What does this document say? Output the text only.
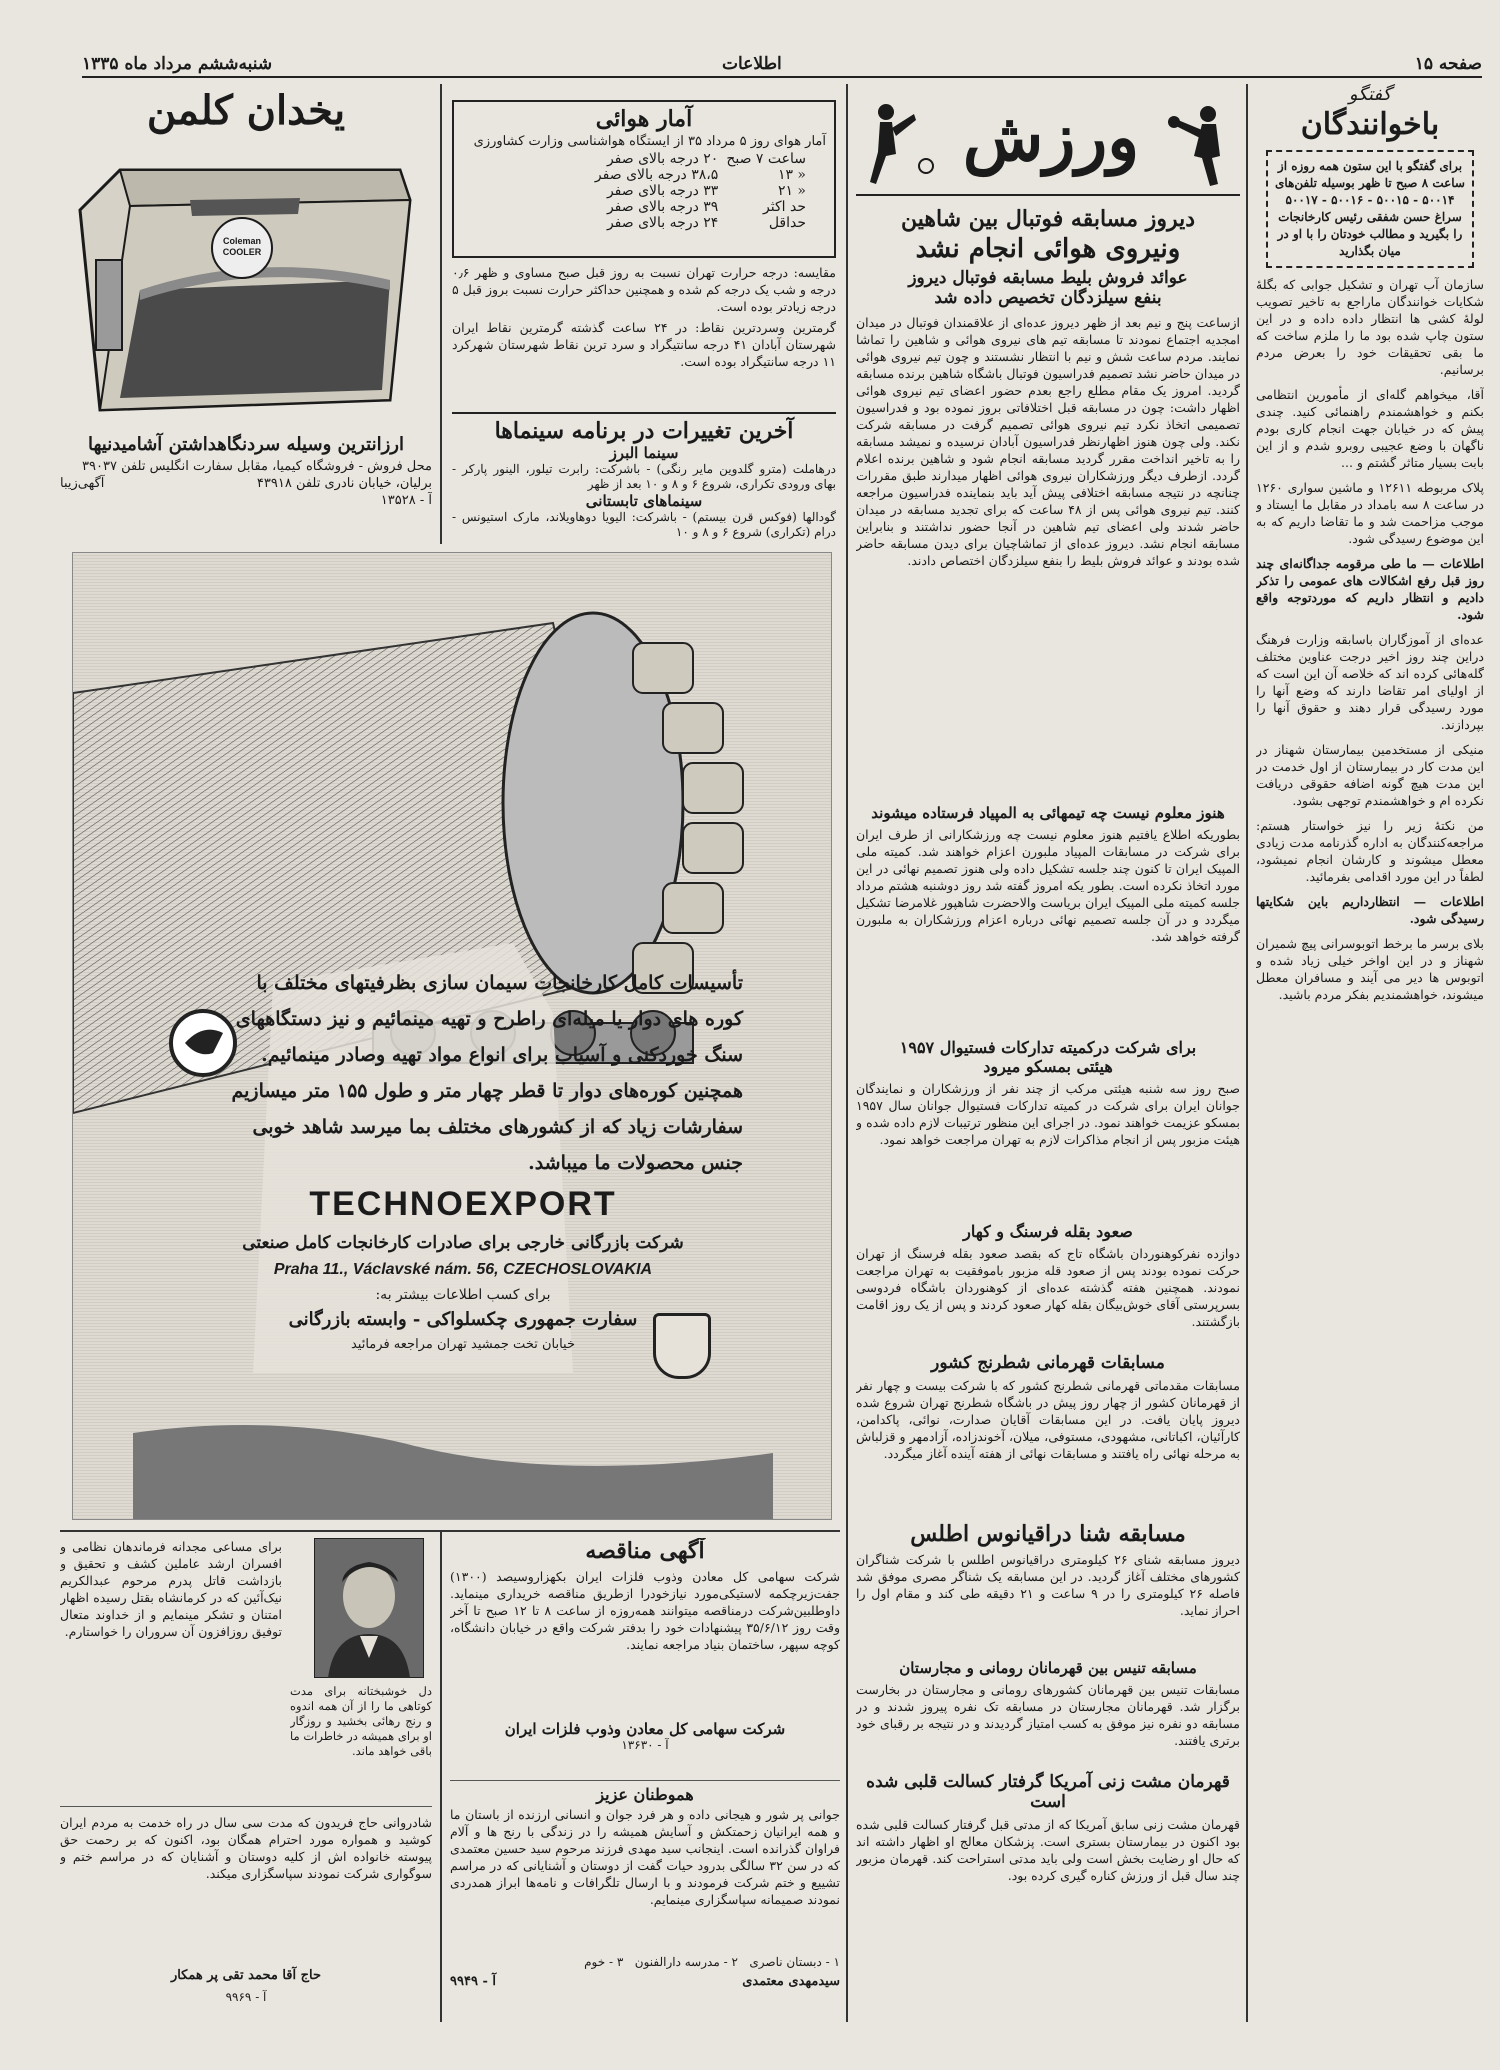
صفحه ۱۵
اطلاعات
شنبه‌ششم مرداد ماه ۱۳۳۵
گفتگو
باخوانندگان
برای گفتگو با این ستون همه روزه از ساعت ۸ صبح تا ظهر بوسیله تلفن‌های ۵۰۰۱۴ - ۵۰۰۱۵ - ۵۰۰۱۶ - ۵۰۰۱۷ سراغ حسن شفقی رئیس کارخانجات را بگیرید و مطالب خودتان را با او در میان بگذارید

سازمان آب تهران و تشکیل جوابی که بگلهٔ شکایات خوانندگان ماراجع به تاخیر تصویب لولهٔ کشی ها انتظار داده داده و در این ستون چاپ شده بود ما را ملزم ساخت که ما بقی تحقیقات خود را بعرض مردم برسانیم.

آقا، میخواهم گله‌ای از مأمورین انتظامی بکنم و خواهشمندم راهنمائی کنید. چندی پیش که در خیابان جهت انجام کاری بودم ناگهان با وضع عجیبی روبرو شدم و از این بابت بسیار متاثر گشتم و ...

پلاک مربوطه ۱۲۶۱۱ و ماشین سواری ۱۲۶۰ در ساعت ۸ سه بامداد در مقابل ما ایستاد و موجب مزاحمت شد و ما تقاضا داریم که به این موضوع رسیدگی شود.

اطلاعات — ما طی مرقومه جداگانه‌ای چند روز قبل رفع اشکالات های عمومی را تذکر دادیم و انتظار داریم که موردتوجه واقع شود.

عده‌ای از آموزگاران باسابقه وزارت فرهنگ دراین چند روز اخیر درجت عناوین مختلف گله‌هائی کرده اند که خلاصه آن این است که از اولیای امر تقاضا دارند که وضع آنها را مورد رسیدگی قرار دهند و حقوق آنها را بپردازند.

منیکی از مستخدمین بیمارستان شهناز در این مدت کار در بیمارستان از اول خدمت در این مدت هیچ گونه اضافه حقوقی دریافت نکرده ام و خواهشمندم توجهی بشود.

من نکتۀ زیر را نیز خواستار هستم: مراجعه‌کنندگان به اداره گذرنامه مدت زیادی معطل میشوند و کارشان انجام نمیشود، لطفاً در این مورد اقدامی بفرمائید.

اطلاعات — انتظارداریم باین شکایتها رسیدگی شود.

بلای برسر ما برخط اتوبوسرانی پیچ شمیران شهناز و در این اواخر خیلی زیاد شده و اتوبوس ها دیر می آیند و مسافران معطل میشوند، خواهشمندیم بفکر مردم باشید.

ورزش
دیروز مسابقه فوتبال بین شاهین
ونیروی هوائی انجام نشد
عوائد فروش بلیط مسابقه فوتبال دیروز
بنفع سیلزدگان تخصیص داده شد

ازساعت پنج و نیم بعد از ظهر دیروز عده‌ای از علاقمندان فوتبال در میدان امجدیه اجتماع نمودند تا مسابقه تیم های نیروی هوائی و شاهین را تماشا نمایند. مردم ساعت شش و نیم با انتظار نشستند و چون تیم نیروی هوائی در میدان حاضر نشد تصمیم فدراسیون فوتبال باشگاه شاهین برنده مسابقه گردید. امروز یک مقام مطلع راجع بعدم حضور اعضای تیم نیروی هوائی اظهار داشت: چون در مسابقه قبل اختلافاتی بروز نموده بود و فدراسیون تصمیمی اتخاذ نکرد تیم نیروی هوائی تصمیم گرفت در مسابقه شرکت نکند. ولی چون هنوز اظهارنظر فدراسیون آبادان نرسیده و نمیشد مسابقه را به تاخیر انداخت مقرر گردید مسابقه انجام شود و شاهین برنده اعلام گردد. ازطرف دیگر ورزشکاران نیروی هوائی اظهار میدارند طبق مقررات چنانچه در نتیجه مسابقه اختلافی پیش آید باید بنماینده فدراسیون مراجعه کنند. تیم نیروی هوائی پس از ۴۸ ساعت که برای تجدید مسابقه در میدان حاضر شدند ولی اعضای تیم شاهین در آنجا حضور نداشتند و بنابراین مسابقه انجام نشد. دیروز عده‌ای از تماشاچیان برای دیدن مسابقه حاضر شده بودند و عوائد فروش بلیط را بنفع سیلزدگان اختصاص دادند.

هنوز معلوم نیست چه تیمهائی به المپیاد فرستاده میشوند

بطوریکه اطلاع یافتیم هنوز معلوم نیست چه ورزشکارانی از طرف ایران برای شرکت در مسابقات المپیاد ملبورن اعزام خواهند شد. کمیته ملی المپیک ایران تا کنون چند جلسه تشکیل داده ولی هنوز تصمیم نهائی در این مورد اتخاذ نکرده است. بطور یکه امروز گفته شد روز دوشنبه هشتم مرداد جلسه کمیته ملی المپیک ایران بریاست والاحضرت شاهپور غلامرضا تشکیل میگردد و در آن جلسه تصمیم نهائی درباره اعزام ورزشکاران به ملبورن گرفته خواهد شد.

برای شرکت درکمیته تدارکات فستیوال ۱۹۵۷
هیئتی بمسکو میرود

صبح روز سه شنبه هیئتی مرکب از چند نفر از ورزشکاران و نمایندگان جوانان ایران برای شرکت در کمیته تدارکات فستیوال جوانان سال ۱۹۵۷ بمسکو عزیمت خواهند نمود. در اجرای این منظور ترتیبات لازم داده شده و هیئت مزبور پس از انجام مذاکرات لازم به تهران مراجعت خواهد نمود.

صعود بقله فرسنگ و کهار

دوازده نفرکوهنوردان باشگاه تاج که بقصد صعود بقله فرسنگ از تهران حرکت نموده بودند پس از صعود قله مزبور باموفقیت به تهران مراجعت نمودند. همچنین هفته گذشته عده‌ای از کوهنوردان باشگاه فردوسی بسرپرستی آقای خوش‌بیگان بقله کهار صعود کردند و پس از یک روز اقامت بازگشتند.

مسابقات قهرمانی شطرنج کشور

مسابقات مقدماتی قهرمانی شطرنج کشور که با شرکت بیست و چهار نفر از قهرمانان کشور از چهار روز پیش در باشگاه شطرنج تهران شروع شده دیروز پایان یافت. در این مسابقات آقایان صدارت، نوائی، پاکدامن، کارآئیان، اکباتانی، مشهودی، مستوفی، میلان، آخوندزاده، آزادمهر و قزلباش به مرحله نهائی راه یافتند و مسابقات نهائی از هفته آینده آغاز میگردد.

مسابقه شنا دراقیانوس اطلس

دیروز مسابقه شنای ۲۶ کیلومتری دراقیانوس اطلس با شرکت شناگران کشورهای مختلف آغاز گردید. در این مسابقه یک شناگر مصری موفق شد فاصله ۲۶ کیلومتری را در ۹ ساعت و ۲۱ دقیقه طی کند و مقام اول را احراز نماید.

مسابقه تنیس بین قهرمانان رومانی و مجارستان

مسابقات تنیس بین قهرمانان کشورهای رومانی و مجارستان در بخارست برگزار شد. قهرمانان مجارستان در مسابقه تک نفره پیروز شدند و در مسابقه دو نفره نیز موفق به کسب امتیاز گردیدند و در نتیجه بر رقبای خود برتری یافتند.

قهرمان مشت زنی آمریکا گرفتار کسالت قلبی شده است

قهرمان مشت زنی سابق آمریکا که از مدتی قبل گرفتار کسالت قلبی شده بود اکنون در بیمارستان بستری است. پزشکان معالج او اظهار داشته اند که حال او رضایت بخش است ولی باید مدتی استراحت کند. قهرمان مزبور چند سال قبل از ورزش کناره گیری کرده بود.

آمار هوائی
آمار هوای روز ۵ مرداد ۳۵ از ایستگاه هواشناسی وزارت کشاورزی
ساعت ۷ صبح	۲۰ درجه بالای صفر
« ۱۳	۳۸،۵ درجه بالای صفر
« ۲۱	۳۳ درجه بالای صفر
حد اکثر	۳۹ درجه بالای صفر
حداقل	۲۴ درجه بالای صفر

مقایسه: درجه حرارت تهران نسبت به روز قبل صبح مساوی و ظهر ۰٫۶ درجه و شب یک درجه کم شده و همچنین حداکثر حرارت نسبت بروز قبل ۵ درجه زیادتر بوده است.

گرمترین وسردترین نقاط: در ۲۴ ساعت گذشته گرمترین نقاط ایران شهرستان آبادان ۴۱ درجه سانتیگراد و سرد ترین نقاط شهرستان شهرکرد ۱۱ درجه سانتیگراد بوده است.

آخرین تغییرات در برنامه سینماها
سینما البرز

درهاملت (مترو گلدوین مایر رنگی) - باشرکت: رابرت تیلور، الینور پارکر - بهای ورودی تکراری، شروع ۶ و ۸ و ۱۰ بعد از ظهر

سینماهای تابستانی

گودالها (فوکس قرن بیستم) - باشرکت: الیویا دوهاویلاند، مارک استیونس - درام (تکراری) شروع ۶ و ۸ و ۱۰

یخدان کلمن
Coleman COOLER
ارزانترین وسیله سردنگاهداشتن آشامیدنیها
محل فروش - فروشگاه کیمیا، مقابل سفارت انگلیس تلفن ۳۹۰۳۷
برلیان، خیابان نادری تلفن ۴۳۹۱۸
آگهی‌زیبا
آ - ۱۳۵۲۸
تأسیسات کامل کارخانجات سیمان سازی بظرفیتهای مختلف با کوره های دوار یا میله‌ای راطرح و تهیه مینمائیم و نیز دستگاههای سنگ خوردکنی و آسیاب برای انواع مواد تهیه وصادر مینمائیم. همچنین کوره‌های دوار تا قطر چهار متر و طول ۱۵۵ متر میسازیم سفارشات زیاد که از کشورهای مختلف بما میرسد شاهد خوبی جنس محصولات ما میباشد.
TECHNOEXPORT
شرکت بازرگانی خارجی برای صادرات کارخانجات کامل صنعتی
Praha 11., Václavské nám. 56, CZECHOSLOVAKIA
برای کسب اطلاعات بیشتر به:
سفارت جمهوری چکسلواکی - وابسته بازرگانی
خیابان تخت جمشید تهران مراجعه فرمائید
آگهی مناقصه

شرکت سهامی کل معادن وذوب فلزات ایران بکهزاروسیصد (۱۳۰۰) جفت‌زیرچکمه لاستیکی‌مورد نیازخودرا ازطریق مناقصه خریداری مینماید. داوطلبین‌شرکت درمناقصه میتوانند همه‌روزه از ساعت ۸ تا ۱۲ صبح تا آخر وقت روز ۳۵/۶/۱۲ پیشنهادات خود را بدفتر شرکت واقع در خیابان دانشگاه، کوچه سپهر، ساختمان بنیاد مراجعه نمایند.

شرکت سهامی کل معادن وذوب فلزات ایران
آ - ۱۳۶۳۰
هموطنان عزیز

جوانی پر شور و هیجانی داده و هر فرد جوان و انسانی ارزنده از باستان ما و همه ایرانیان زحمتکش و آسایش همیشه را در زندگی با رنج ها و آلام فراوان گذرانده است. اینجانب سید مهدی فرزند مرحوم سید حسین معتمدی که در سن ۳۲ سالگی بدرود حیات گفت از دوستان و آشنایانی که در مراسم تشییع و ختم شرکت فرمودند و با ارسال تلگرافات و نامه‌ها ابراز همدردی نمودند صمیمانه سپاسگزاری مینمایم.

۱ - دبستان ناصری   ۲ - مدرسه دارالفنون   ۳ - خوم
سیدمهدی معتمدی
آ - ۹۹۴۹

دل خوشبختانه برای مدت کوتاهی ما را از آن همه اندوه و رنج رهائی بخشید و روزگار او برای همیشه در خاطرات ما باقی خواهد ماند.

برای مساعی مجدانه فرماندهان نظامی و افسران ارشد عاملین کشف و تحقیق و بازداشت قاتل پدرم مرحوم عبدالکریم نیک‌آئین که در کرمانشاه بقتل رسیده اظهار امتنان و تشکر مینمایم و از خداوند متعال توفیق روزافزون آن سروران را خواستارم.

شادروانی حاج فریدون که مدت سی سال در راه خدمت به مردم ایران کوشید و همواره مورد احترام همگان بود، اکنون که بر رحمت حق پیوسته خانواده اش از کلیه دوستان و آشنایان که در مراسم ختم و سوگواری شرکت نمودند سپاسگزاری میکند.

حاج آقا محمد تقی پر همکار
آ - ۹۹۶۹
